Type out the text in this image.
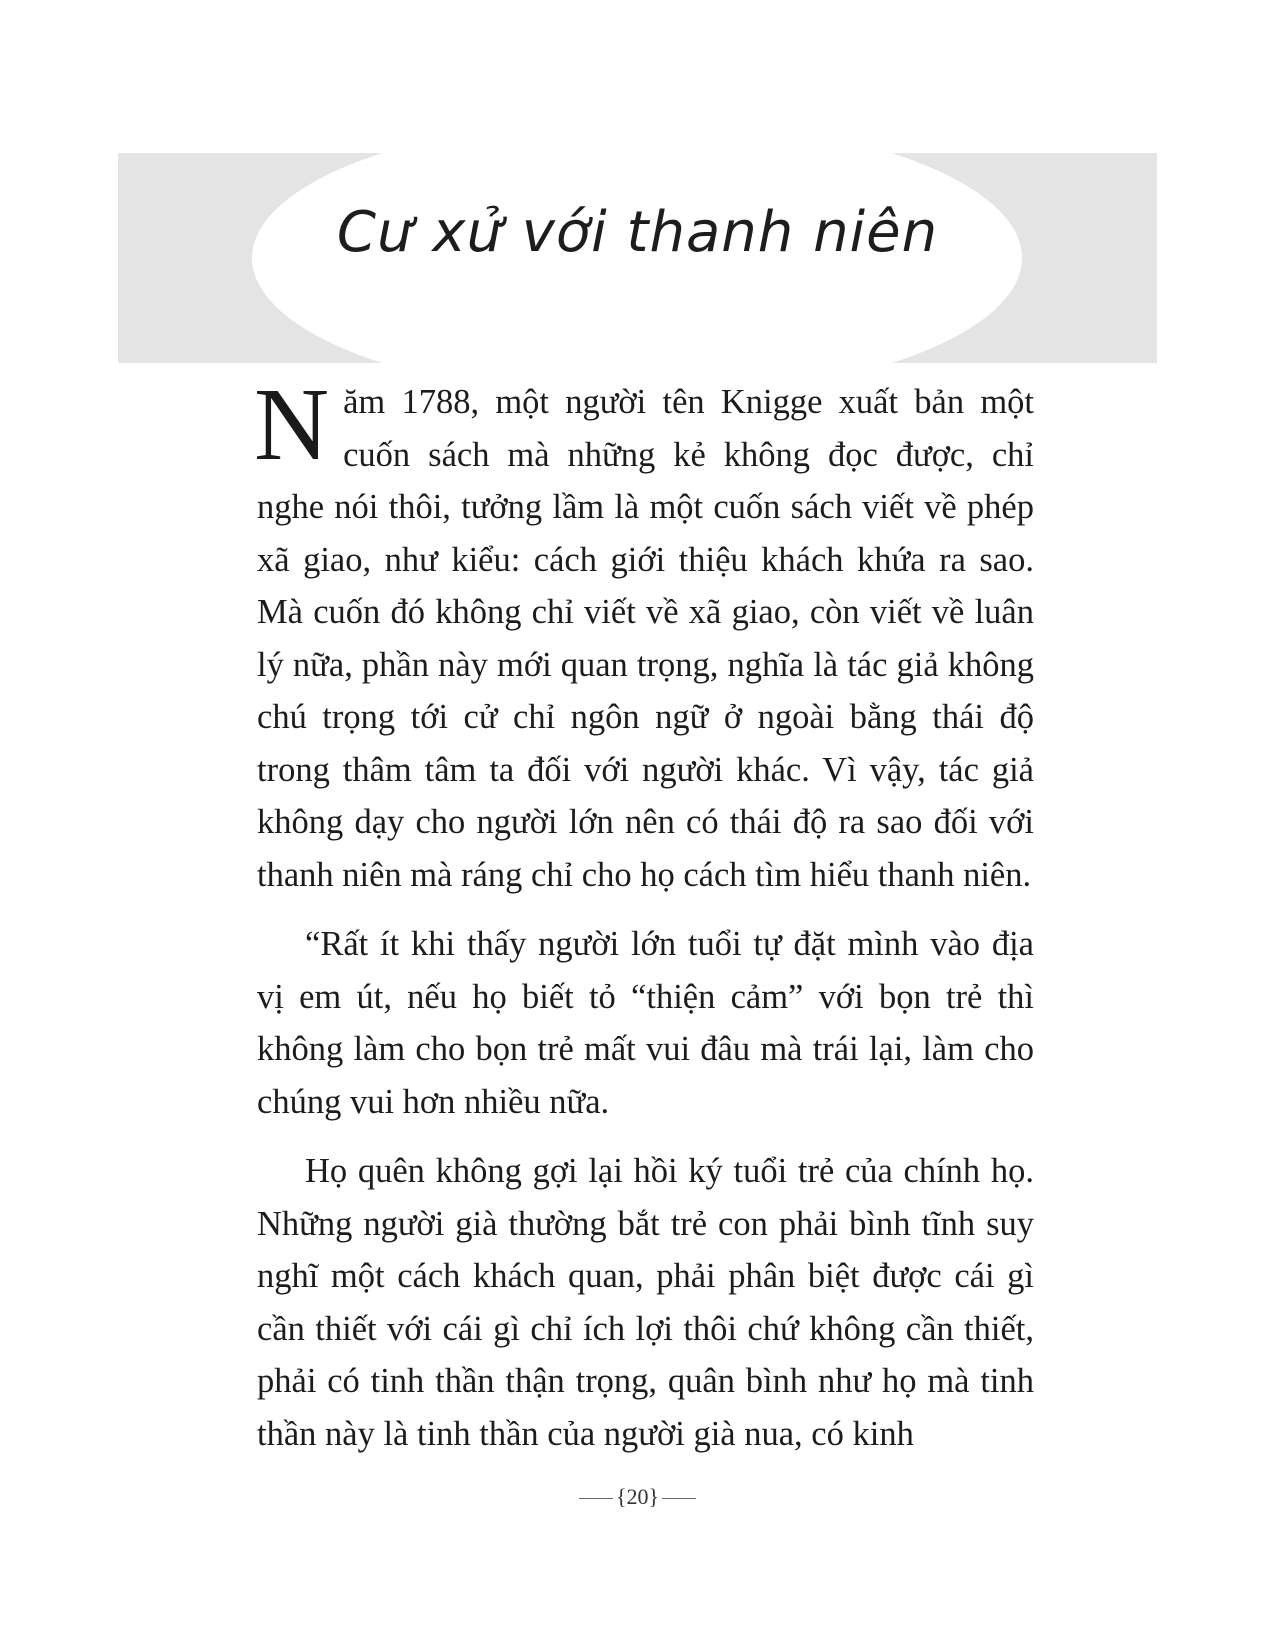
Cư xử với thanh niên

Năm 1788, một người tên Knigge xuất bản một cuốn sách mà những kẻ không đọc được, chỉ nghe nói thôi, tưởng lầm là một cuốn sách viết về phép xã giao, như kiểu: cách giới thiệu khách khứa ra sao. Mà cuốn đó không chỉ viết về xã giao, còn viết về luân lý nữa, phần này mới quan trọng, nghĩa là tác giả không chú trọng tới cử chỉ ngôn ngữ ở ngoài bằng thái độ trong thâm tâm ta đối với người khác. Vì vậy, tác giả không dạy cho người lớn nên có thái độ ra sao đối với thanh niên mà ráng chỉ cho họ cách tìm hiểu thanh niên.

“Rất ít khi thấy người lớn tuổi tự đặt mình vào địa vị em út, nếu họ biết tỏ “thiện cảm” với bọn trẻ thì không làm cho bọn trẻ mất vui đâu mà trái lại, làm cho chúng vui hơn nhiều nữa.

Họ quên không gợi lại hồi ký tuổi trẻ của chính họ. Những người già thường bắt trẻ con phải bình tĩnh suy nghĩ một cách khách quan, phải phân biệt được cái gì cần thiết với cái gì chỉ ích lợi thôi chứ không cần thiết, phải có tinh thần thận trọng, quân bình như họ mà tinh thần này là tinh thần của người già nua, có kinh

{20}
